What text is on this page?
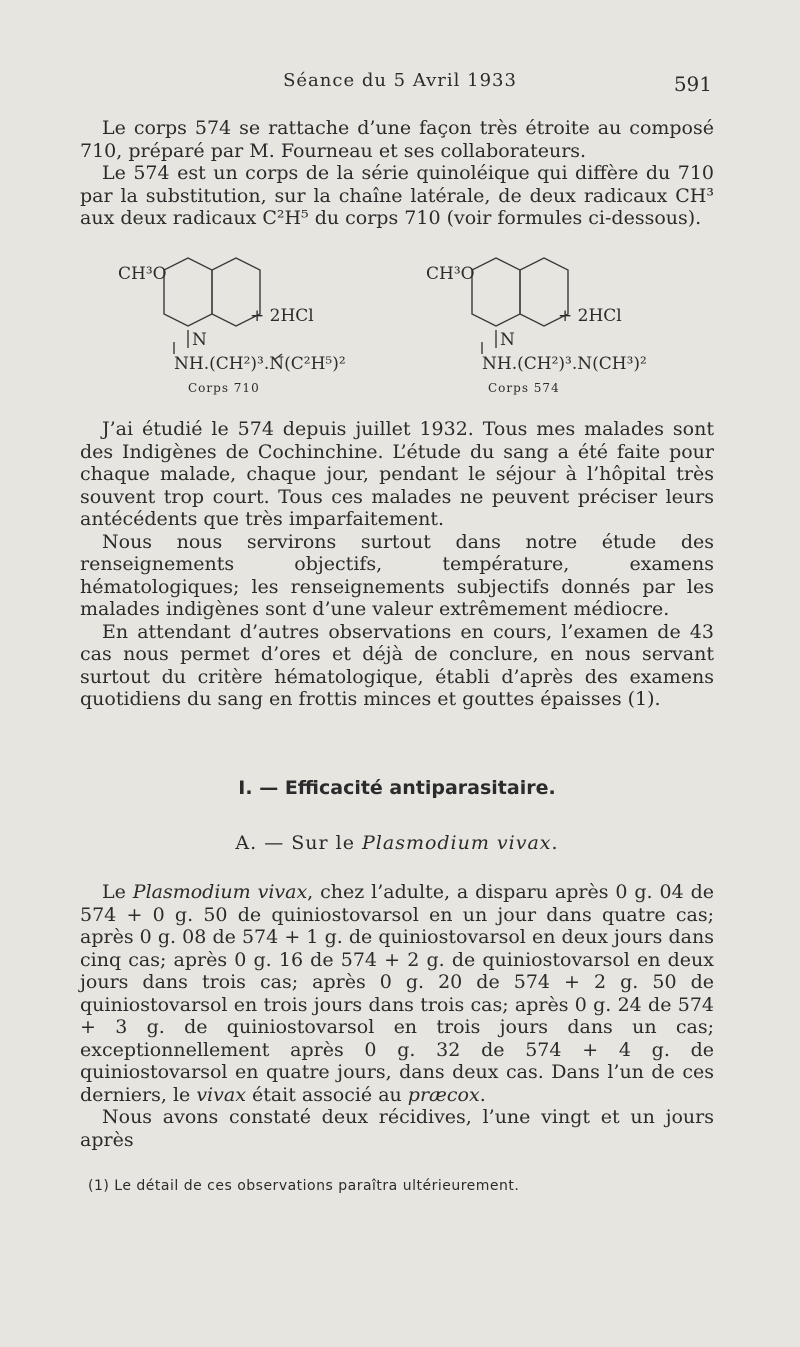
Séance du 5 Avril 1933	591

Le corps 574 se rattache d’une façon très étroite au composé 710, préparé par M. Fourneau et ses collaborateurs.

Le 574 est un corps de la série quinoléique qui diffère du 710 par la substitution, sur la chaîne latérale, de deux radicaux CH³ aux deux radicaux C²H⁵ du corps 710 (voir formules ci-dessous).

CH³O
+ 2HCl
N
NH.(CH²)³.N(C²H⁵)²
Corps 710
CH³O
+ 2HCl
N
NH.(CH²)³.N(CH³)²
Corps 574

J’ai étudié le 574 depuis juillet 1932. Tous mes malades sont des Indigènes de Cochinchine. L’étude du sang a été faite pour chaque malade, chaque jour, pendant le séjour à l’hôpital très souvent trop court. Tous ces malades ne peuvent préciser leurs antécédents que très imparfaitement.

Nous nous servirons surtout dans notre étude des renseignements objectifs, température, examens hématologiques; les renseignements subjectifs donnés par les malades indigènes sont d’une valeur extrêmement médiocre.

En attendant d’autres observations en cours, l’examen de 43 cas nous permet d’ores et déjà de conclure, en nous servant surtout du critère hématologique, établi d’après des examens quotidiens du sang en frottis minces et gouttes épaisses (1).

I. — Efficacité antiparasitaire.
A. — Sur le Plasmodium vivax.

Le Plasmodium vivax, chez l’adulte, a disparu après 0 g. 04 de 574 + 0 g. 50 de quiniostovarsol en un jour dans quatre cas; après 0 g. 08 de 574 + 1 g. de quiniostovarsol en deux jours dans cinq cas; après 0 g. 16 de 574 + 2 g. de quiniostovarsol en deux jours dans trois cas; après 0 g. 20 de 574 + 2 g. 50 de quiniostovarsol en trois jours dans trois cas; après 0 g. 24 de 574 + 3 g. de quiniostovarsol en trois jours dans un cas; exceptionnellement après 0 g. 32 de 574 + 4 g. de quiniostovarsol en quatre jours, dans deux cas. Dans l’un de ces derniers, le vivax était associé au præcox.

Nous avons constaté deux récidives, l’une vingt et un jours après

(1) Le détail de ces observations paraîtra ultérieurement.
